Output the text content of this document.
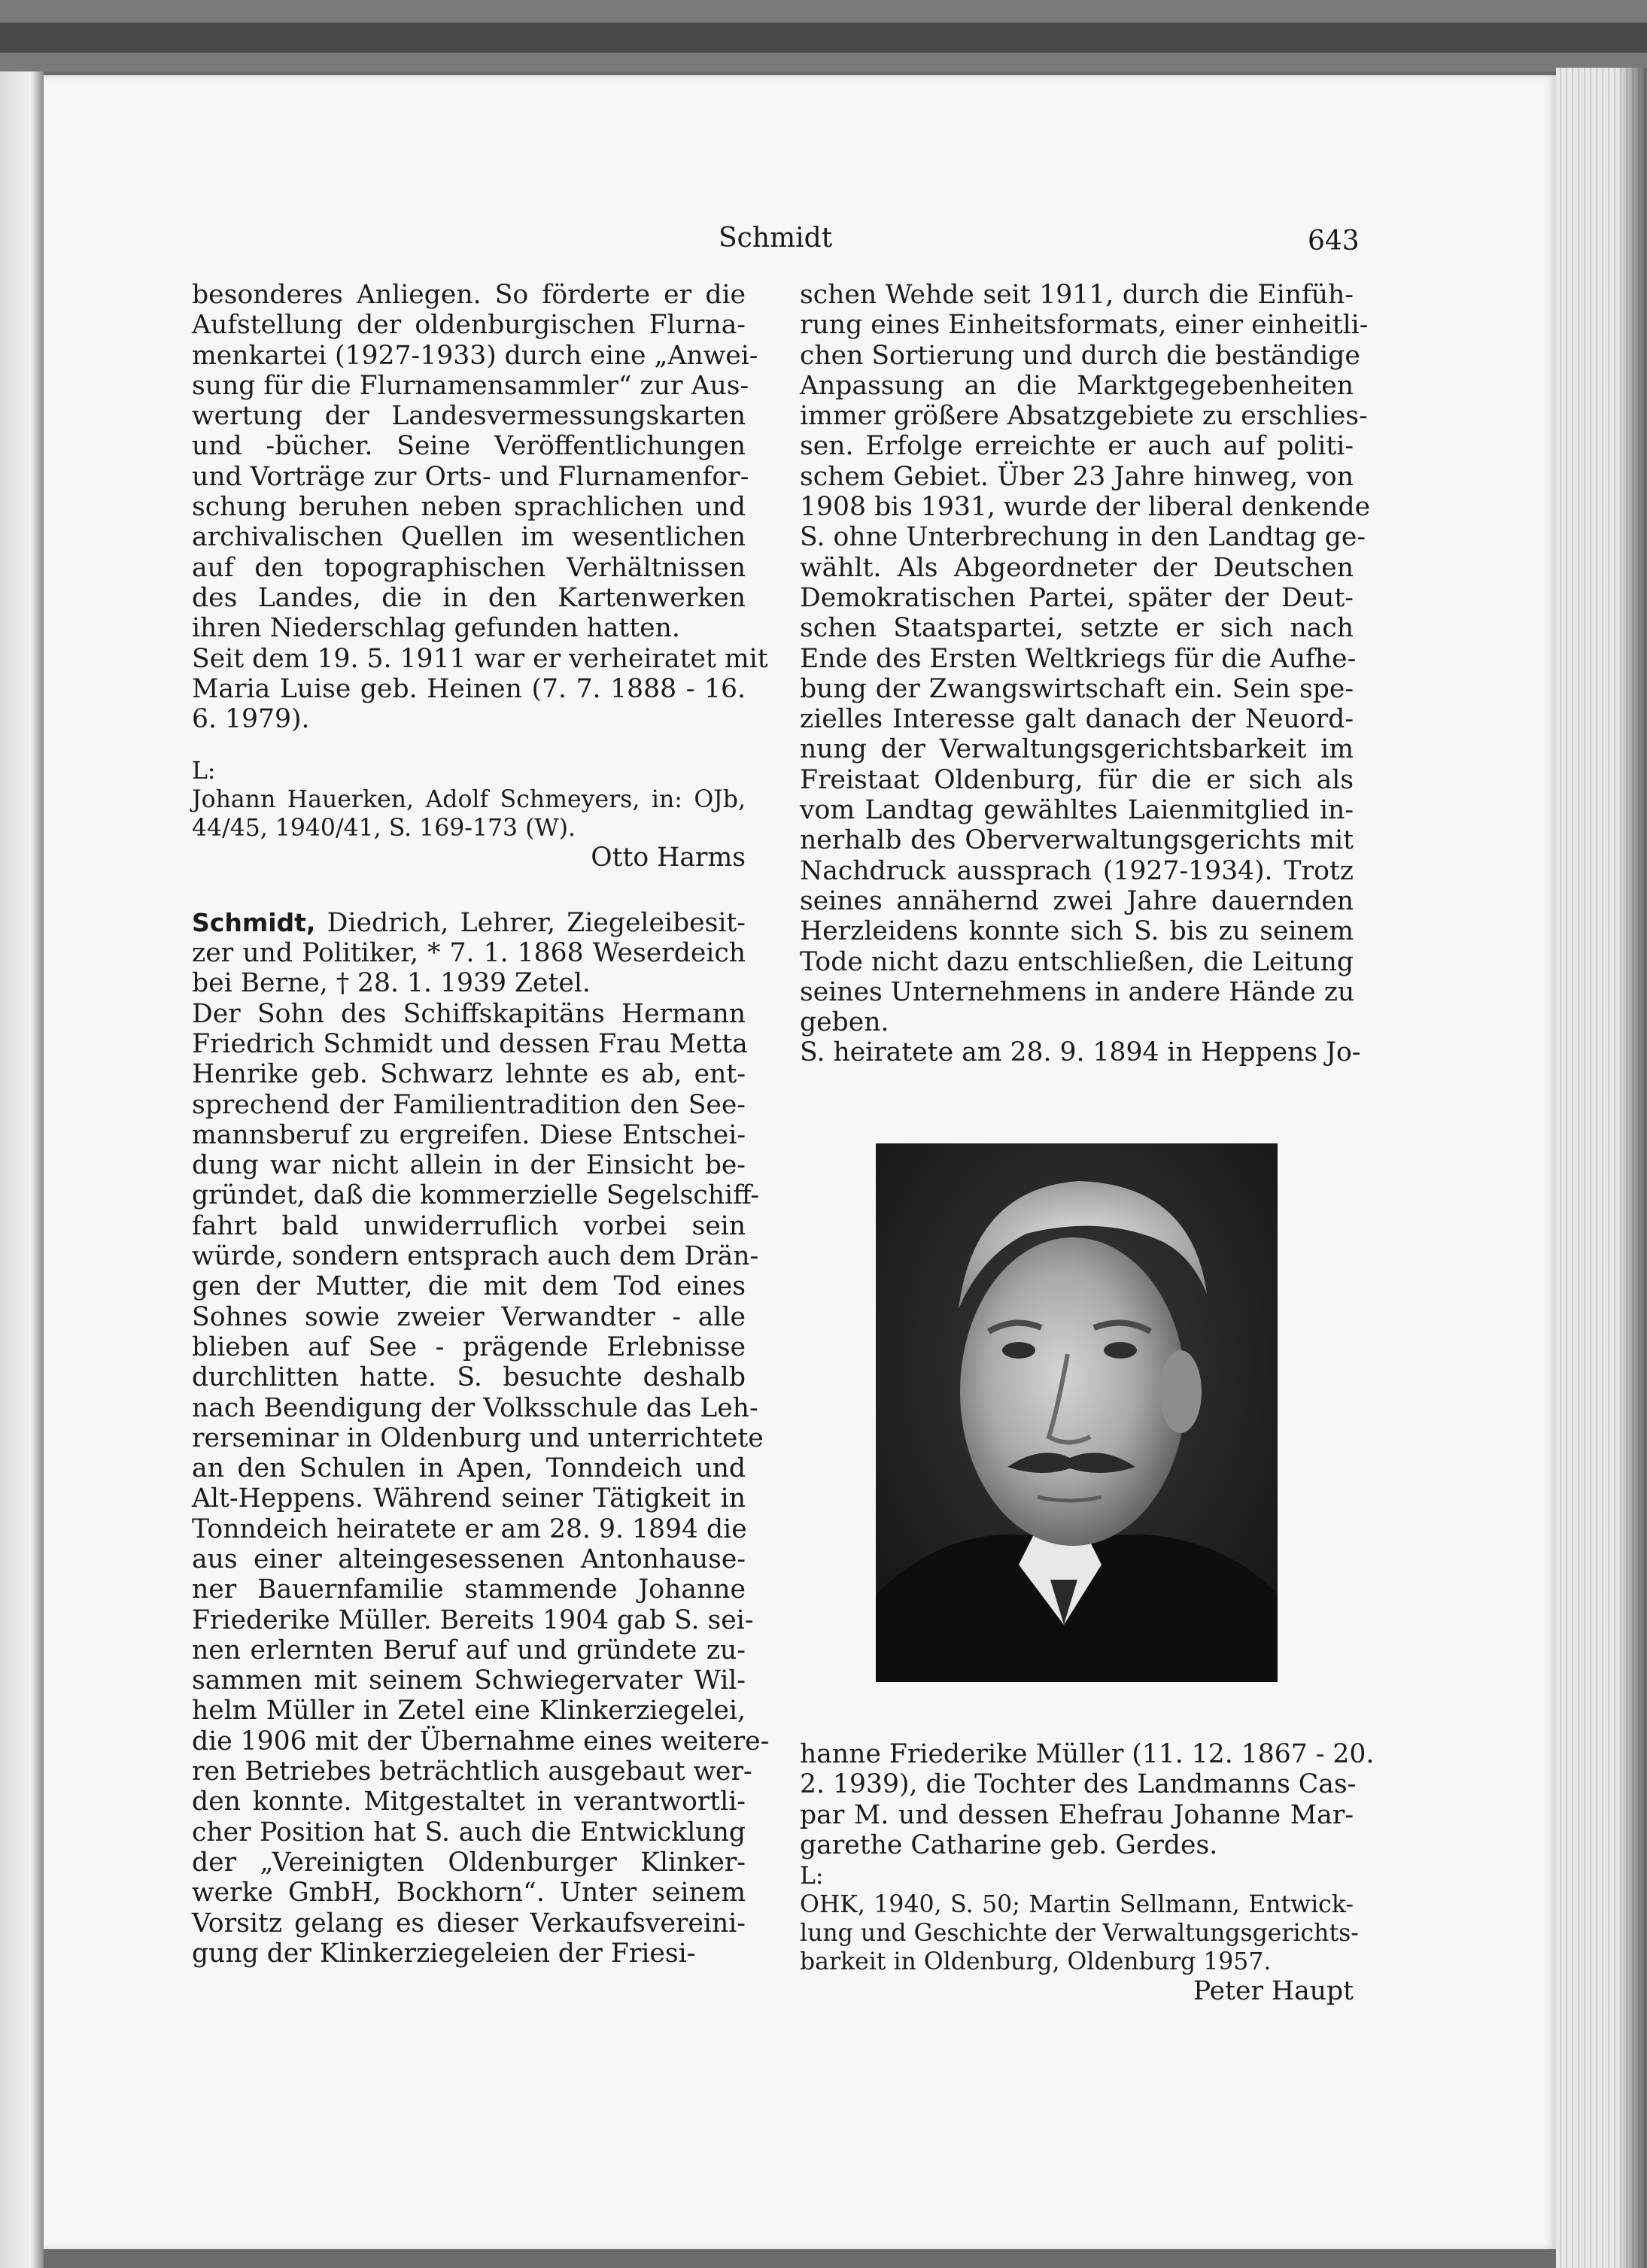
Schmidt	643
besonderes Anliegen. So förderte er die
Aufstellung der oldenburgischen Flurna-
menkartei (1927-1933) durch eine „Anwei-
sung für die Flurnamensammler“ zur Aus-
wertung der Landesvermessungskarten
und -bücher. Seine Veröffentlichungen
und Vorträge zur Orts- und Flurnamenfor-
schung beruhen neben sprachlichen und
archivalischen Quellen im wesentlichen
auf den topographischen Verhältnissen
des Landes, die in den Kartenwerken
ihren Niederschlag gefunden hatten.
Seit dem 19. 5. 1911 war er verheiratet mit
Maria Luise geb. Heinen (7. 7. 1888 - 16.
6. 1979).
L:
Johann Hauerken, Adolf Schmeyers, in: OJb,
44/45, 1940/41, S. 169-173 (W).
Otto Harms
Schmidt, Diedrich, Lehrer, Ziegeleibesit-
zer und Politiker, * 7. 1. 1868 Weserdeich
bei Berne, † 28. 1. 1939 Zetel.
Der Sohn des Schiffskapitäns Hermann
Friedrich Schmidt und dessen Frau Metta
Henrike geb. Schwarz lehnte es ab, ent-
sprechend der Familientradition den See-
mannsberuf zu ergreifen. Diese Entschei-
dung war nicht allein in der Einsicht be-
gründet, daß die kommerzielle Segelschiff-
fahrt bald unwiderruflich vorbei sein
würde, sondern entsprach auch dem Drän-
gen der Mutter, die mit dem Tod eines
Sohnes sowie zweier Verwandter - alle
blieben auf See - prägende Erlebnisse
durchlitten hatte. S. besuchte deshalb
nach Beendigung der Volksschule das Leh-
rerseminar in Oldenburg und unterrichtete
an den Schulen in Apen, Tonndeich und
Alt-Heppens. Während seiner Tätigkeit in
Tonndeich heiratete er am 28. 9. 1894 die
aus einer alteingesessenen Antonhause-
ner Bauernfamilie stammende Johanne
Friederike Müller. Bereits 1904 gab S. sei-
nen erlernten Beruf auf und gründete zu-
sammen mit seinem Schwiegervater Wil-
helm Müller in Zetel eine Klinkerziegelei,
die 1906 mit der Übernahme eines weitere-
ren Betriebes beträchtlich ausgebaut wer-
den konnte. Mitgestaltet in verantwortli-
cher Position hat S. auch die Entwicklung
der „Vereinigten Oldenburger Klinker-
werke GmbH, Bockhorn“. Unter seinem
Vorsitz gelang es dieser Verkaufsvereini-
gung der Klinkerziegeleien der Friesi-
schen Wehde seit 1911, durch die Einfüh-
rung eines Einheitsformats, einer einheitli-
chen Sortierung und durch die beständige
Anpassung an die Marktgegebenheiten
immer größere Absatzgebiete zu erschlies-
sen. Erfolge erreichte er auch auf politi-
schem Gebiet. Über 23 Jahre hinweg, von
1908 bis 1931, wurde der liberal denkende
S. ohne Unterbrechung in den Landtag ge-
wählt. Als Abgeordneter der Deutschen
Demokratischen Partei, später der Deut-
schen Staatspartei, setzte er sich nach
Ende des Ersten Weltkriegs für die Aufhe-
bung der Zwangswirtschaft ein. Sein spe-
zielles Interesse galt danach der Neuord-
nung der Verwaltungsgerichtsbarkeit im
Freistaat Oldenburg, für die er sich als
vom Landtag gewähltes Laienmitglied in-
nerhalb des Oberverwaltungsgerichts mit
Nachdruck aussprach (1927-1934). Trotz
seines annähernd zwei Jahre dauernden
Herzleidens konnte sich S. bis zu seinem
Tode nicht dazu entschließen, die Leitung
seines Unternehmens in andere Hände zu
geben.
S. heiratete am 28. 9. 1894 in Heppens Jo-
hanne Friederike Müller (11. 12. 1867 - 20.
2. 1939), die Tochter des Landmanns Cas-
par M. und dessen Ehefrau Johanne Mar-
garethe Catharine geb. Gerdes.
L:
OHK, 1940, S. 50; Martin Sellmann, Entwick-
lung und Geschichte der Verwaltungsgerichts-
barkeit in Oldenburg, Oldenburg 1957.
Peter Haupt
